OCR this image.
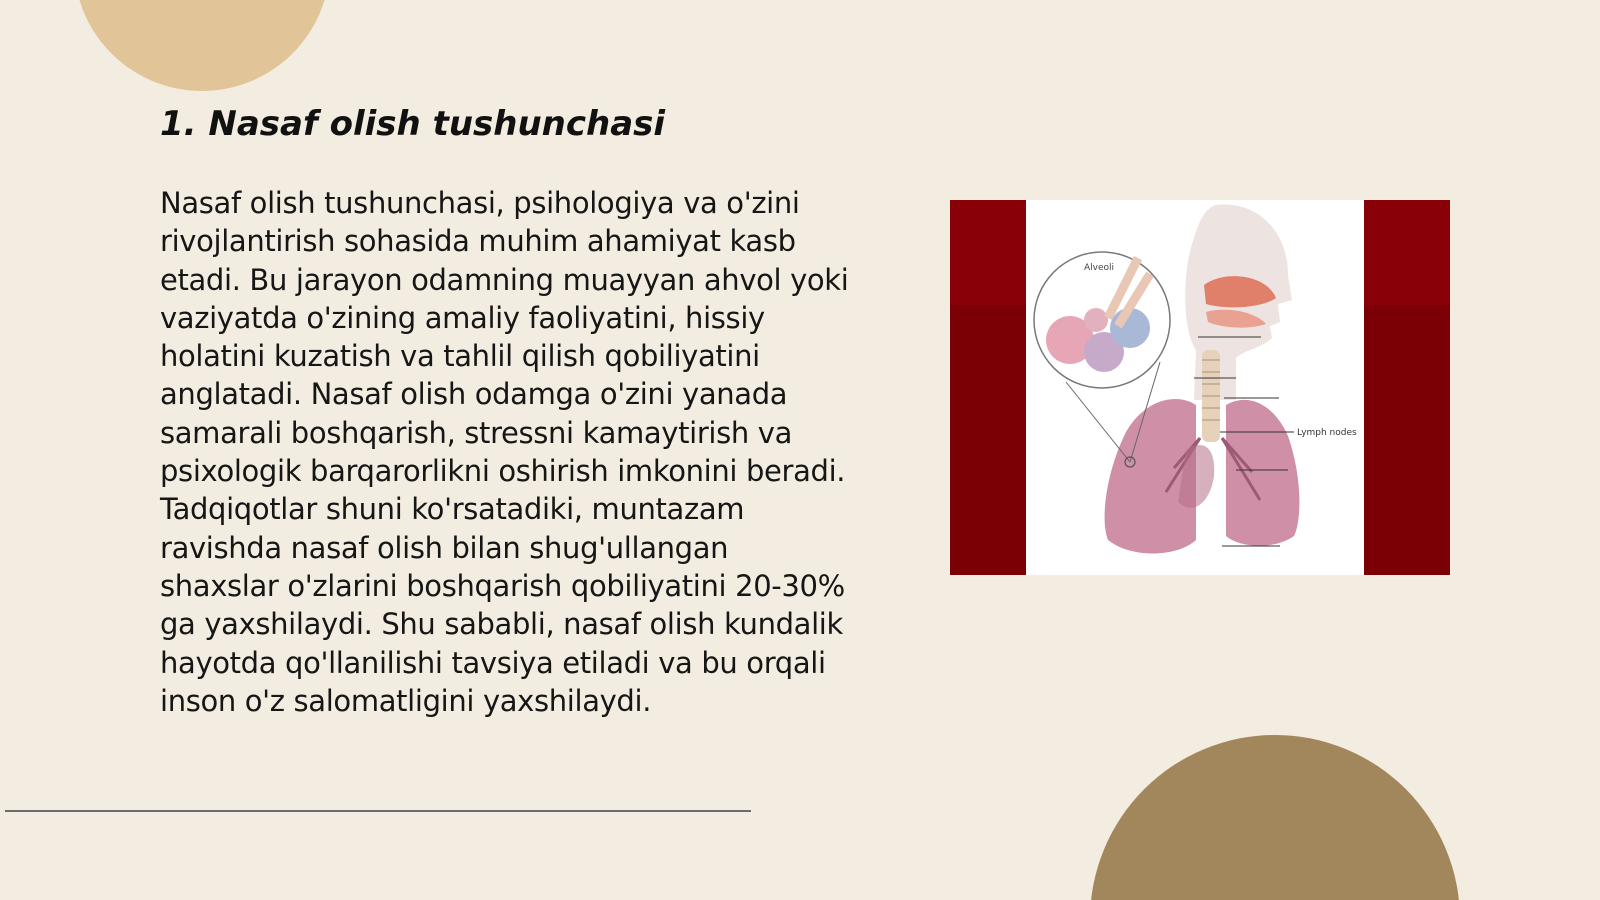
1. Nasaf olish tushunchasi

Nasaf olish tushunchasi, psihologiya va o'zini rivojlantirish sohasida muhim ahamiyat kasb etadi. Bu jarayon odamning muayyan ahvol yoki vaziyatda o'zining amaliy faoliyatini, hissiy holatini kuzatish va tahlil qilish qobiliyatini anglatadi. Nasaf olish odamga o'zini yanada samarali boshqarish, stressni kamaytirish va psixologik barqarorlikni oshirish imkonini beradi. Tadqiqotlar shuni ko'rsatadiki, muntazam ravishda nasaf olish bilan shug'ullangan shaxslar o'zlarini boshqarish qobiliyatini 20-30% ga yaxshilaydi. Shu sababli, nasaf olish kundalik hayotda qo'llanilishi tavsiya etiladi va bu orqali inson o'z salomatligini yaxshilaydi.

Alveoli
Lymph nodes
